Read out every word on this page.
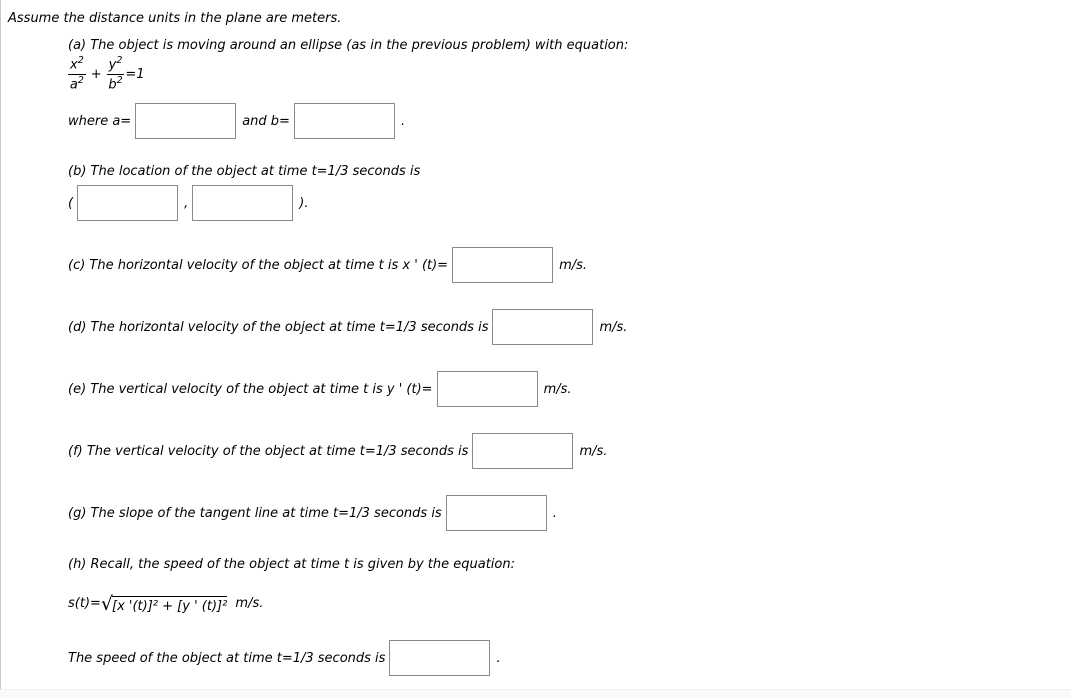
Assume the distance units in the plane are meters.
(a) The object is moving around an ellipse (as in the previous problem) with equation:
$\frac{x^2}{a^2} + \frac{y^2}{b^2} =1$
where a=	and b=	.
(b) The location of the object at time t=1/3 seconds is
(	,	).
(c) The horizontal velocity of the object at time t is x ' (t)=	m/s.
(d) The horizontal velocity of the object at time t=1/3 seconds is	m/s.
(e) The vertical velocity of the object at time t is y ' (t)=	m/s.
(f) The vertical velocity of the object at time t=1/3 seconds is	m/s.
(g) The slope of the tangent line at time t=1/3 seconds is	.
(h) Recall, the speed of the object at time t is given by the equation:
s(t)= √ [x '(t)]² + [y ' (t)]² m/s.
The speed of the object at time t=1/3 seconds is	.
